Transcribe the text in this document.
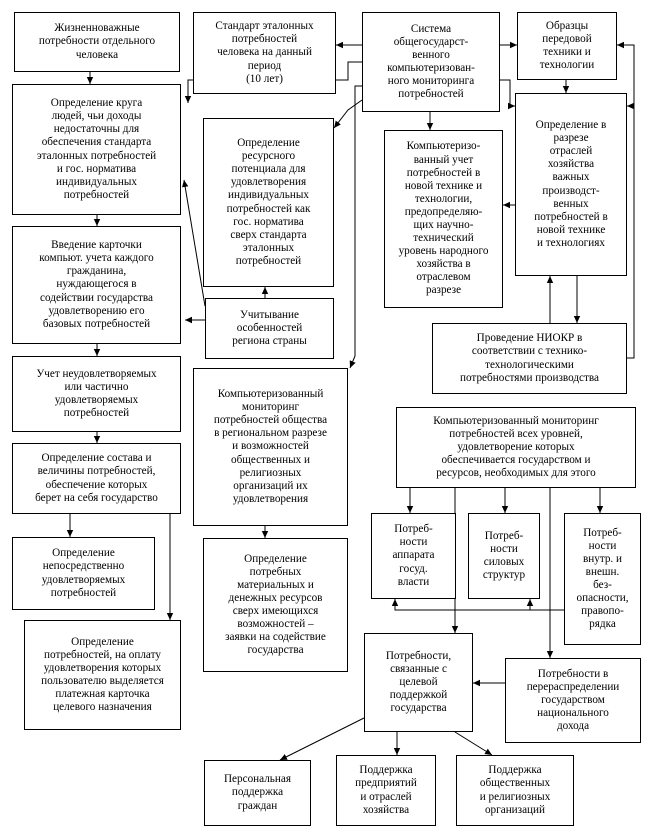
Жизненноважные
потребности отдельного
человека
Стандарт эталонных
потребностей
человека на данный
период
(10 лет)
Система
общегосударст-
венного
компьютеризован-
ного мониторинга
потребностей
Образцы
передовой
техники и
технологии
Определение круга
людей, чьи доходы
недостаточны для
обеспечения стандарта
эталонных потребностей
и гос. норматива
индивидуальных
потребностей
Определение
ресурсного
потенциала для
удовлетворения
индивидуальных
потребностей как
гос. норматива
сверх стандарта
эталонных
потребностей
Компьютеризо-
ванный учет
потребностей в
новой технике и
технологии,
предопределяю-
щих научно-
технический
уровень народного
хозяйства в
отраслевом
разрезе
Определение в
разрезе
отраслей
хозяйства
важных
производст-
венных
потребностей в
новой технике
и технологиях
Введение карточки
компьют. учета каждого
гражданина,
нуждающегося в
содействии государства
удовлетворению его
базовых потребностей
Учитывание
особенностей
региона страны	Проведение НИОКР в
соответствии с технико-
технологическими
потребностями производства
Учет неудовлетворяемых
или частично
удовлетворяемых
потребностей
Компьютеризованный
мониторинг
потребностей общества
в региональном разрезе
и возможностей
общественных и
религиозных
организаций их
удовлетворения
Компьютеризованный мониторинг
потребностей всех уровней,
удовлетворение которых
обеспечивается государством и
ресурсов, необходимых для этого
Определение состава и
величины потребностей,
обеспечение которых
берет на себя государство
Потреб-
ности
аппарата
госуд.
власти
Потреб-
ности
силовых
структур
Потреб-
ности
внутр. и
внешн.
без-
опасности,
правопо-
рядка
Определение
непосредственно
удовлетворяемых
потребностей
Определение
потребных
материальных и
денежных ресурсов
сверх имеющихся
возможностей –
заявки на содействие
государства
Определение
потребностей, на оплату
удовлетворения которых
пользователю выделяется
платежная карточка
целевого назначения
Потребности,
связанные с
целевой
поддержкой
государства
Потребности в
перераспределении
государством
национального
дохода
Персональная
поддержка
граждан
Поддержка
предприятий
и отраслей
хозяйства
Поддержка
общественных
и религиозных
организаций
